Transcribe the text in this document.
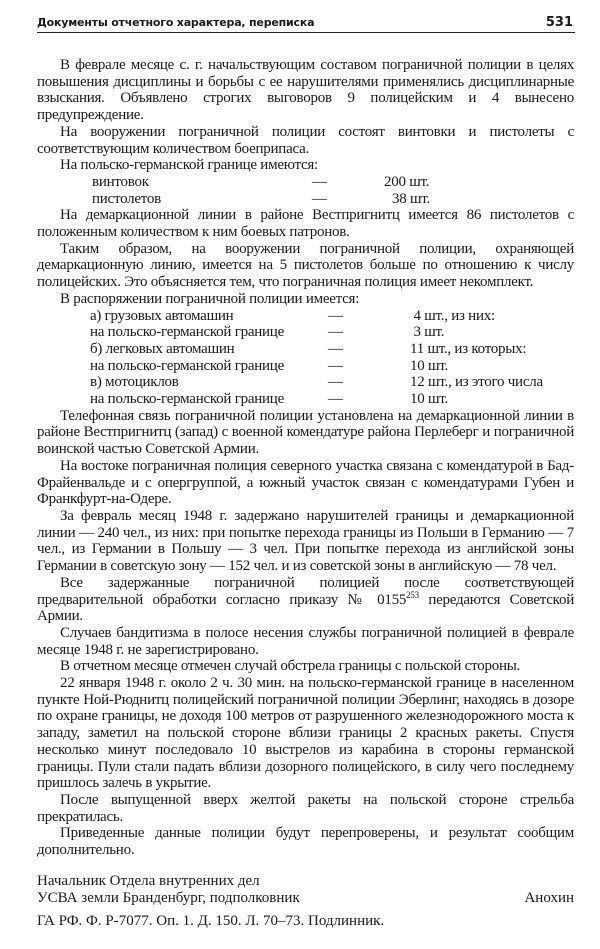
Документы отчетного характера, переписка	531

В феврале месяце с. г. начальствующим составом пограничной полиции в целях повышения дисциплины и борьбы с ее нарушителями применялись дисциплинарные взыскания. Объявлено строгих выговоров 9 полицейским и 4 вынесено предупреждение.

На вооружении пограничной полиции состоят винтовки и пистолеты с соответствующим количеством боеприпаса.

На польско-германской границе имеются:

винтовок	—	200 шт.
пистолетов	—	38 шт.

На демаркационной линии в районе Вестпригнитц имеется 86 пистолетов с положенным количеством к ним боевых патронов.

Таким образом, на вооружении пограничной полиции, охраняющей демаркационную линию, имеется на 5 пистолетов больше по отношению к числу полицейских. Это объясняется тем, что пограничная полиция имеет некомплект.

В распоряжении пограничной полиции имеется:

а) грузовых автомашин	—	4 шт., из них:
на польско-германской границе	—	3 шт.
б) легковых автомашин	—	11 шт., из которых:
на польско-германской границе	—	10 шт.
в) мотоциклов	—	12 шт., из этого числа
на польско-германской границе	—	10 шт.

Телефонная связь пограничной полиции установлена на демаркационной линии в районе Вестпригнитц (запад) с военной комендатуре района Перлеберг и пограничной воинской частью Советской Армии.

На востоке пограничная полиция северного участка связана с комендатурой в Бад-Фрайенвальде и с опергруппой, а южный участок связан с комендатурами Губен и Франкфурт-на-Одере.

За февраль месяц 1948 г. задержано нарушителей границы и демаркационной линии — 240 чел., из них: при попытке перехода границы из Польши в Германию — 7 чел., из Германии в Польшу — 3 чел. При попытке перехода из английской зоны Германии в советскую зону — 152 чел. и из советской зоны в английскую — 78 чел.

Все задержанные пограничной полицией после соответствующей предварительной обработки согласно приказу № 0155$^{253}$ передаются Советской Армии.

Случаев бандитизма в полосе несения службы пограничной полицией в феврале месяце 1948 г. не зарегистрировано.

В отчетном месяце отмечен случай обстрела границы с польской стороны.

22 января 1948 г. около 2 ч. 30 мин. на польско-германской границе в населенном пункте Ной-Рюднитц полицейский пограничной полиции Эберлинг, находясь в дозоре по охране границы, не доходя 100 метров от разрушенного железнодорожного моста к западу, заметил на польской стороне вблизи границы 2 красных ракеты. Спустя несколько минут последовало 10 выстрелов из карабина в стороны германской границы. Пули стали падать вблизи дозорного полицейского, в силу чего последнему пришлось залечь в укрытие.

После выпущенной вверх желтой ракеты на польской стороне стрельба прекратилась.

Приведенные данные полиции будут перепроверены, и результат сообщим дополнительно.

Начальник Отдела внутренних дел
УСВА земли Бранденбург, подполковник	Анохин
ГА РФ. Ф. Р-7077. Оп. 1. Д. 150. Л. 70–73. Подлинник.
